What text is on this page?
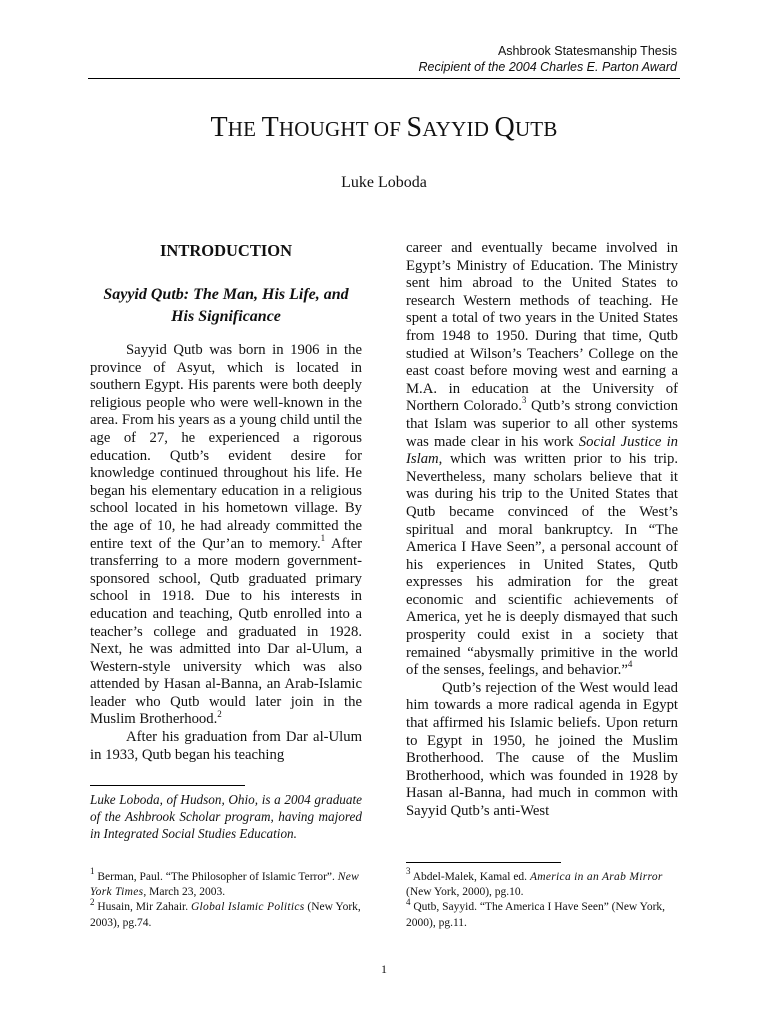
Ashbrook Statesmanship Thesis
Recipient of the 2004 Charles E. Parton Award
THE THOUGHT OF SAYYID QUTB
Luke Loboda
INTRODUCTION
Sayyid Qutb: The Man, His Life, and His Significance

Sayyid Qutb was born in 1906 in the province of Asyut, which is located in southern Egypt. His parents were both deeply religious people who were well-known in the area. From his years as a young child until the age of 27, he experienced a rigorous education. Qutb’s evident desire for knowledge continued throughout his life. He began his elementary education in a religious school located in his hometown village. By the age of 10, he had already committed the entire text of the Qur’an to memory.$^1$ After transferring to a more modern government-sponsored school, Qutb graduated primary school in 1918. Due to his interests in education and teaching, Qutb enrolled into a teacher’s college and graduated in 1928. Next, he was admitted into Dar al-Ulum, a Western-style university which was also attended by Hasan al-Banna, an Arab-Islamic leader who Qutb would later join in the Muslim Brotherhood.$^2$

After his graduation from Dar al-Ulum in 1933, Qutb began his teaching

Luke Loboda, of Hudson, Ohio, is a 2004 graduate of the Ashbrook Scholar program, having majored in Integrated Social Studies Education.

$^1$ Berman, Paul. “The Philosopher of Islamic Terror”. New York Times, March 23, 2003.
$^2$ Husain, Mir Zahair. Global Islamic Politics (New York, 2003), pg.74.

career and eventually became involved in Egypt’s Ministry of Education. The Ministry sent him abroad to the United States to research Western methods of teaching. He spent a total of two years in the United States from 1948 to 1950. During that time, Qutb studied at Wilson’s Teachers’ College on the east coast before moving west and earning a M.A. in education at the University of Northern Colorado.$^3$ Qutb’s strong conviction that Islam was superior to all other systems was made clear in his work Social Justice in Islam, which was written prior to his trip. Nevertheless, many scholars believe that it was during his trip to the United States that Qutb became convinced of the West’s spiritual and moral bankruptcy. In “The America I Have Seen”, a personal account of his experiences in United States, Qutb expresses his admiration for the great economic and scientific achievements of America, yet he is deeply dismayed that such prosperity could exist in a society that remained “abysmally primitive in the world of the senses, feelings, and behavior.”$^4$

Qutb’s rejection of the West would lead him towards a more radical agenda in Egypt that affirmed his Islamic beliefs. Upon return to Egypt in 1950, he joined the Muslim Brotherhood. The cause of the Muslim Brotherhood, which was founded in 1928 by Hasan al-Banna, had much in common with Sayyid Qutb’s anti-West

$^3$ Abdel-Malek, Kamal ed. America in an Arab Mirror (New York, 2000), pg.10.
$^4$ Qutb, Sayyid. “The America I Have Seen” (New York, 2000), pg.11.
1
